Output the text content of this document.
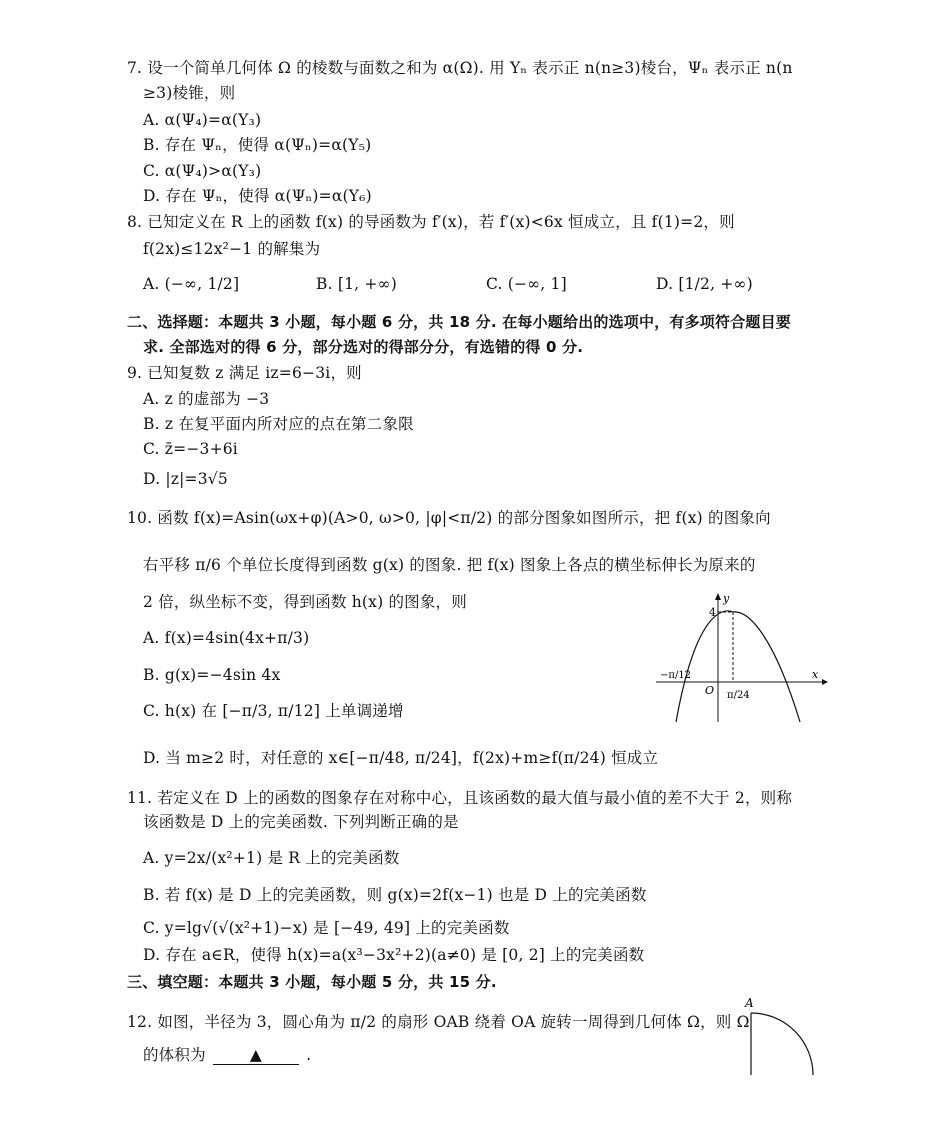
7. 设一个简单几何体 Ω 的棱数与面数之和为 α(Ω). 用 Υₙ 表示正 n(n≥3)棱台，Ψₙ 表示正 n(n
≥3)棱锥，则
A. α(Ψ₄)=α(Υ₃)
B. 存在 Ψₙ，使得 α(Ψₙ)=α(Υ₅)
C. α(Ψ₄)>α(Υ₃)
D. 存在 Ψₙ，使得 α(Ψₙ)=α(Υ₆)
8. 已知定义在 R 上的函数 f(x) 的导函数为 f′(x)，若 f′(x)<6x 恒成立，且 f(1)=2，则
f(2x)≤12x²−1 的解集为
A. (−∞, 1/2]	B. [1, +∞)	C. (−∞, 1]	D. [1/2, +∞)
二、选择题：本题共 3 小题，每小题 6 分，共 18 分. 在每小题给出的选项中，有多项符合题目要
求. 全部选对的得 6 分，部分选对的得部分分，有选错的得 0 分.
9. 已知复数 z 满足 iz=6−3i，则
A. z 的虚部为 −3
B. z 在复平面内所对应的点在第二象限
C. z̄=−3+6i
D. |z|=3√5
10. 函数 f(x)=Asin(ωx+φ)(A>0, ω>0, |φ|<π/2) 的部分图象如图所示，把 f(x) 的图象向
右平移 π/6 个单位长度得到函数 g(x) 的图象. 把 f(x) 图象上各点的横坐标伸长为原来的
2 倍，纵坐标不变，得到函数 h(x) 的图象，则
A. f(x)=4sin(4x+π/3)
B. g(x)=−4sin 4x
C. h(x) 在 [−π/3, π/12] 上单调递增
D. 当 m≥2 时，对任意的 x∈[−π/48, π/24]，f(2x)+m≥f(π/24) 恒成立
y
x
O
4
−π/12
π/24
11. 若定义在 D 上的函数的图象存在对称中心，且该函数的最大值与最小值的差不大于 2，则称
该函数是 D 上的完美函数. 下列判断正确的是
A. y=2x/(x²+1) 是 R 上的完美函数
B. 若 f(x) 是 D 上的完美函数，则 g(x)=2f(x−1) 也是 D 上的完美函数
C. y=lg√(√(x²+1)−x) 是 [−49, 49] 上的完美函数
D. 存在 a∈R，使得 h(x)=a(x³−3x²+2)(a≠0) 是 [0, 2] 上的完美函数
三、填空题：本题共 3 小题，每小题 5 分，共 15 分.
12. 如图，半径为 3，圆心角为 π/2 的扇形 OAB 绕着 OA 旋转一周得到几何体 Ω，则 Ω
的体积为	▲	.
A
